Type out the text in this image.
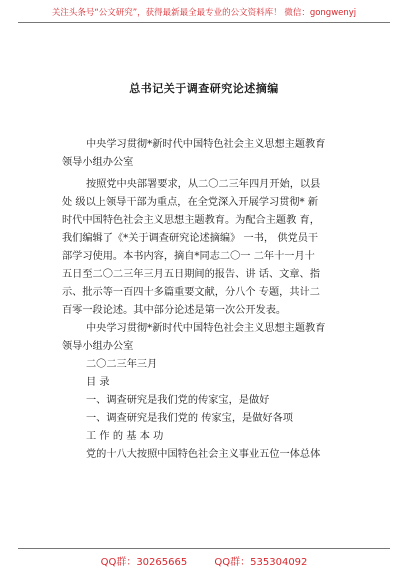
关注头条号“公文研究”，获得最新最全最专业的公文资料库！ 微信：gongwenyj
总书记关于调查研究论述摘编
中央学习贯彻*新时代中国特色社会主义思想主题教育
领导小组办公室
按照党中央部署要求，从二〇二三年四月开始，以县
处 级以上领导干部为重点，在全党深入开展学习贯彻* 新
时代中国特色社会主义思想主题教育。为配合主题教 育，
我们编辑了《*关于调查研究论述摘编》 一书， 供党员干
部学习使用。本书内容，摘自*同志二〇一 二年十一月十
五日至二〇二三年三月五日期间的报告、讲 话、文章、指
示、批示等一百四十多篇重要文献，分八个 专题，共计二
百零一段论述。其中部分论述是第一次公开发表。
中央学习贯彻*新时代中国特色社会主义思想主题教育
领导小组办公室
二〇二三年三月
目 录
一、调查研究是我们党的传家宝，是做好
一、调查研究是我们党的 传家宝，是做好各项
工 作 的 基 本 功
党的十八大按照中国特色社会主义事业五位一体总体
QQ群：30265665	QQ群：535304092
